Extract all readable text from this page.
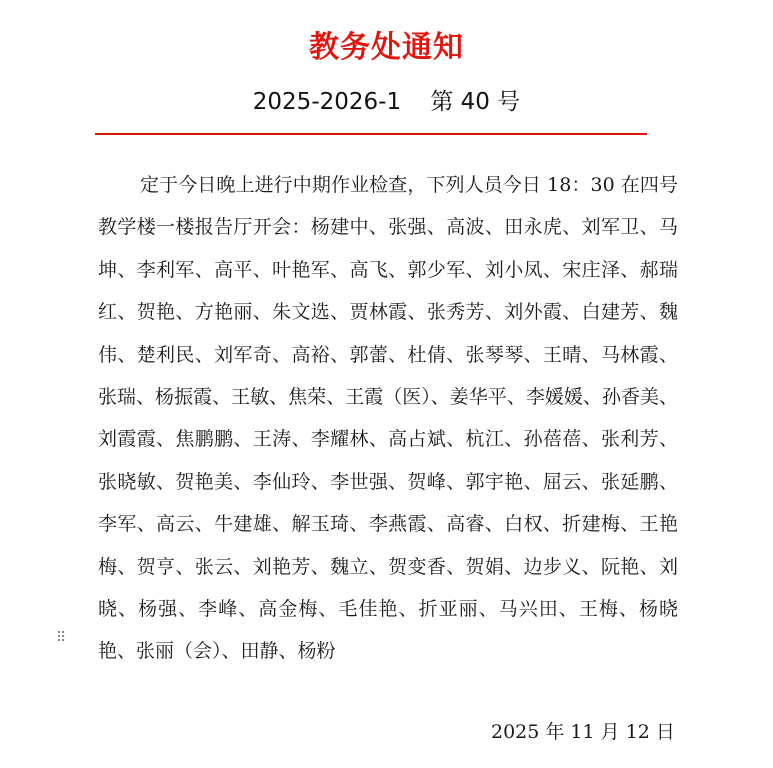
教务处通知
2025-2026-1    第 40 号

定于今日晚上进行中期作业检查，下列人员今日 18：30 在四号教学楼一楼报告厅开会：杨建中、张强、高波、田永虎、刘军卫、马坤、李利军、高平、叶艳军、高飞、郭少军、刘小凤、宋庄泽、郝瑞红、贺艳、方艳丽、朱文选、贾林霞、张秀芳、刘外霞、白建芳、魏伟、楚利民、刘军奇、高裕、郭蕾、杜倩、张琴琴、王晴、马林霞、张瑞、杨振霞、王敏、焦荣、王霞（医）、姜华平、李媛媛、孙香美、刘霞霞、焦鹏鹏、王涛、李耀林、高占斌、杭江、孙蓓蓓、张利芳、张晓敏、贺艳美、李仙玲、李世强、贺峰、郭宇艳、屈云、张延鹏、李军、高云、牛建雄、解玉琦、李燕霞、高睿、白权、折建梅、王艳梅、贺亨、张云、刘艳芳、魏立、贺变香、贺娟、边步义、阮艳、刘晓、杨强、李峰、高金梅、毛佳艳、折亚丽、马兴田、王梅、杨晓艳、张丽（会）、田静、杨粉

⠿
2025 年 11 月 12 日
